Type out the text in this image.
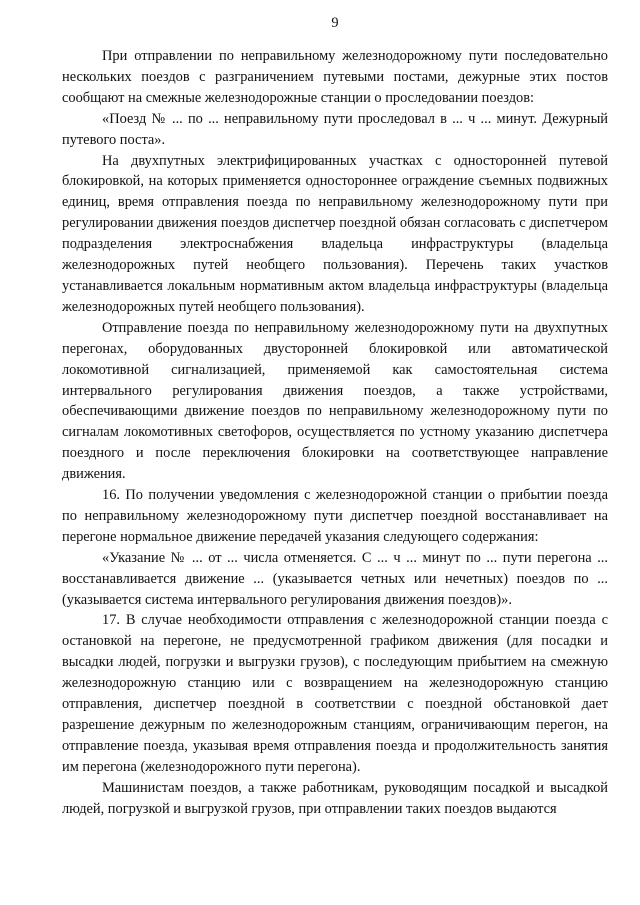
9

При отправлении по неправильному железнодорожному пути последовательно нескольких поездов с разграничением путевыми постами, дежурные этих постов сообщают на смежные железнодорожные станции о проследовании поездов:

«Поезд № ... по ... неправильному пути проследовал в ... ч ... минут. Дежурный путевого поста».

На двухпутных электрифицированных участках с односторонней путевой блокировкой, на которых применяется одностороннее ограждение съемных подвижных единиц, время отправления поезда по неправильному железнодорожному пути при регулировании движения поездов диспетчер поездной обязан согласовать с диспетчером подразделения электроснабжения владельца инфраструктуры (владельца железнодорожных путей необщего пользования). Перечень таких участков устанавливается локальным нормативным актом владельца инфраструктуры (владельца железнодорожных путей необщего пользования).

Отправление поезда по неправильному железнодорожному пути на двухпутных перегонах, оборудованных двусторонней блокировкой или автоматической локомотивной сигнализацией, применяемой как самостоятельная система интервального регулирования движения поездов, а также устройствами, обеспечивающими движение поездов по неправильному железнодорожному пути по сигналам локомотивных светофоров, осуществляется по устному указанию диспетчера поездного и после переключения блокировки на соответствующее направление движения.

16. По получении уведомления с железнодорожной станции о прибытии поезда по неправильному железнодорожному пути диспетчер поездной восстанавливает на перегоне нормальное движение передачей указания следующего содержания:

«Указание № ... от ... числа отменяется. С ... ч ... минут по ... пути перегона ... восстанавливается движение ... (указывается четных или нечетных) поездов по ... (указывается система интервального регулирования движения поездов)».

17. В случае необходимости отправления с железнодорожной станции поезда с остановкой на перегоне, не предусмотренной графиком движения (для посадки и высадки людей, погрузки и выгрузки грузов), с последующим прибытием на смежную железнодорожную станцию или с возвращением на железнодорожную станцию отправления, диспетчер поездной в соответствии с поездной обстановкой дает разрешение дежурным по железнодорожным станциям, ограничивающим перегон, на отправление поезда, указывая время отправления поезда и продолжительность занятия им перегона (железнодорожного пути перегона).

Машинистам поездов, а также работникам, руководящим посадкой и высадкой людей, погрузкой и выгрузкой грузов, при отправлении таких поездов выдаются
